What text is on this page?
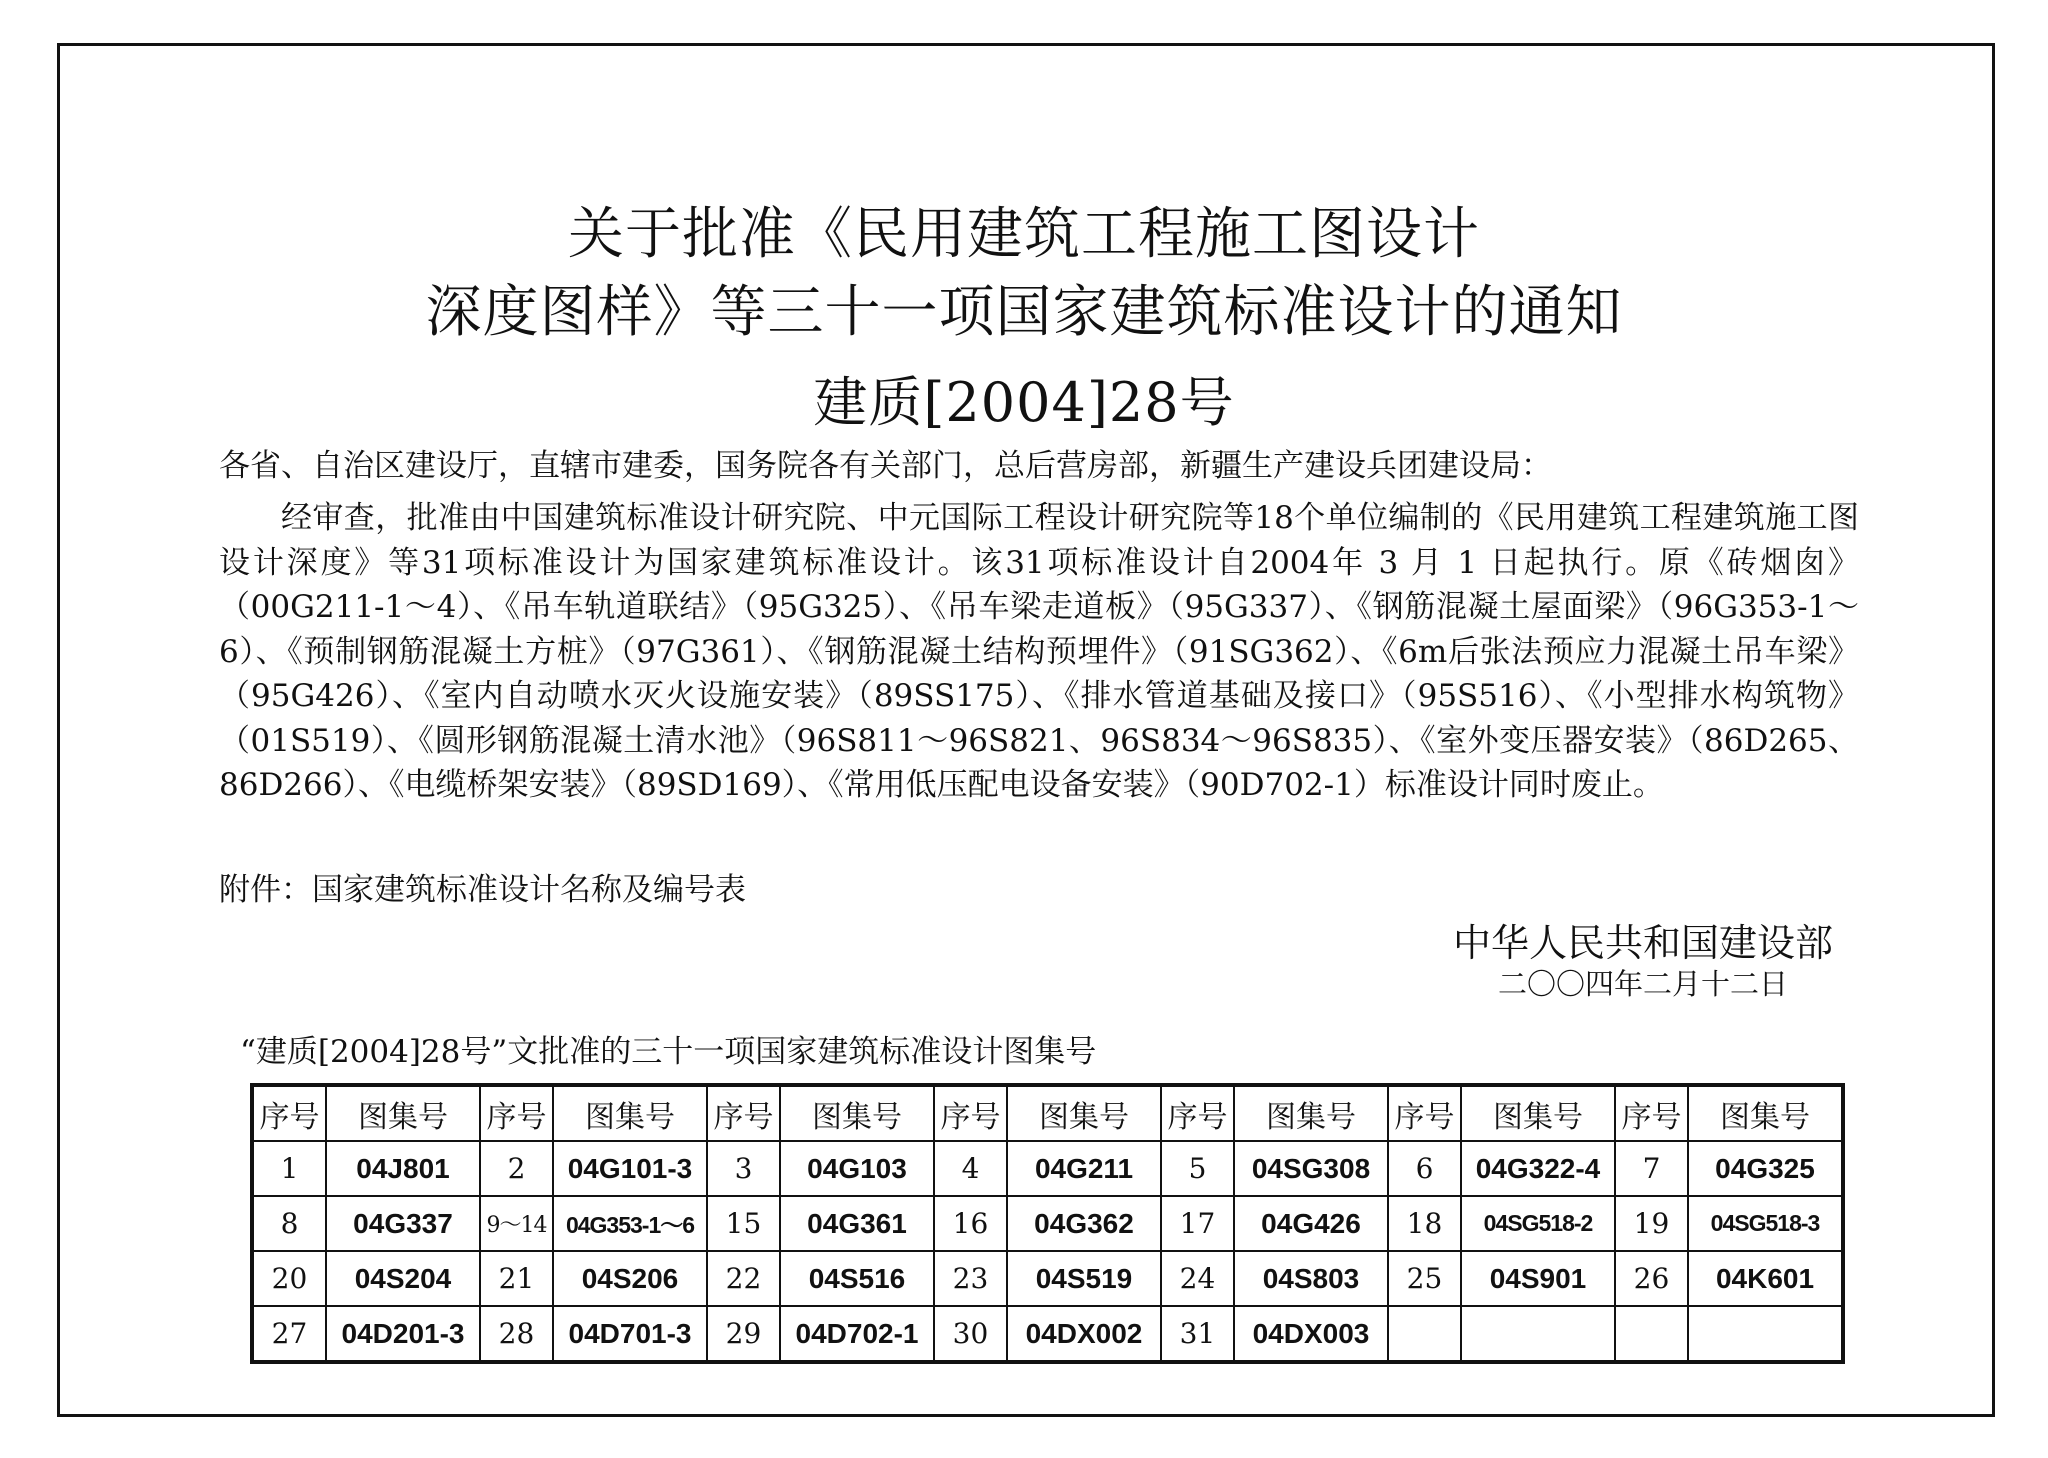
关于批准《民用建筑工程施工图设计
深度图样》等三十一项国家建筑标准设计的通知
建质[2004]28号
各省、自治区建设厅，直辖市建委，国务院各有关部门，总后营房部，新疆生产建设兵团建设局：
经审查，批准由中国建筑标准设计研究院、中元国际工程设计研究院等18个单位编制的《民用建筑工程建筑施工图设计深度》等31项标准设计为国家建筑标准设计。该31项标准设计自2004年 3 月 1 日起执行。原《砖烟囱》（00G211-1～4）、《吊车轨道联结》（95G325）、《吊车梁走道板》（95G337）、《钢筋混凝土屋面梁》（96G353-1～6）、《预制钢筋混凝土方桩》（97G361）、《钢筋混凝土结构预埋件》（91SG362）、《6m后张法预应力混凝土吊车梁》（95G426）、《室内自动喷水灭火设施安装》（89SS175）、《排水管道基础及接口》（95S516）、《小型排水构筑物》（01S519）、《圆形钢筋混凝土清水池》（96S811～96S821、96S834～96S835）、《室外变压器安装》（86D265、86D266）、《电缆桥架安装》（89SD169）、《常用低压配电设备安装》（90D702-1）标准设计同时废止。
附件：国家建筑标准设计名称及编号表
中华人民共和国建设部
二〇〇四年二月十二日
“建质[2004]28号”文批准的三十一项国家建筑标准设计图集号
序号	图集号	序号	图集号	序号	图集号	序号	图集号	序号	图集号	序号	图集号	序号	图集号
1	04J801	2	04G101-3	3	04G103	4	04G211	5	04SG308	6	04G322-4	7	04G325
8	04G337	9～14	04G353-1～6	15	04G361	16	04G362	17	04G426	18	04SG518-2	19	04SG518-3
20	04S204	21	04S206	22	04S516	23	04S519	24	04S803	25	04S901	26	04K601
27	04D201-3	28	04D701-3	29	04D702-1	30	04DX002	31	04DX003				
